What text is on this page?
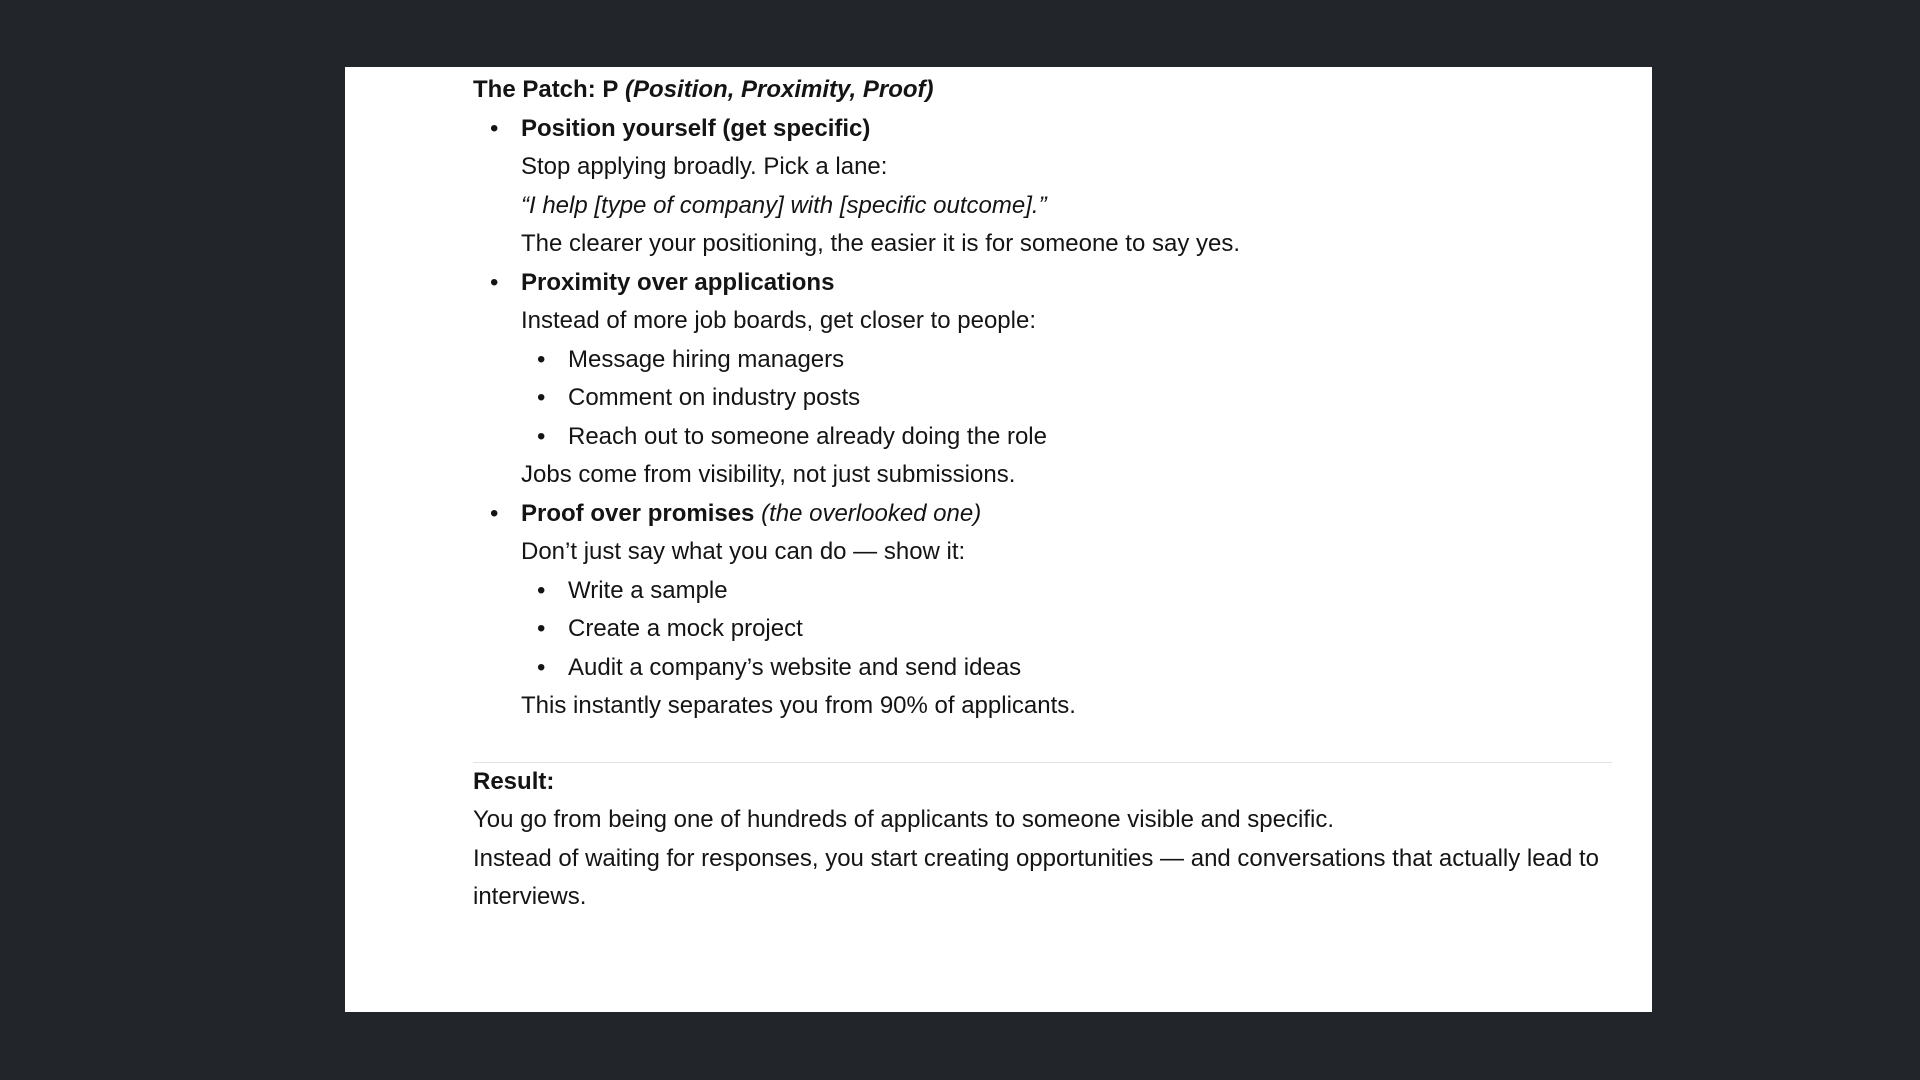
The Patch: P (Position, Proximity, Proof)

• Position yourself (get specific)

Stop applying broadly. Pick a lane:

“I help [type of company] with [specific outcome].”

The clearer your positioning, the easier it is for someone to say yes.

• Proximity over applications

Instead of more job boards, get closer to people:

• Message hiring managers
• Comment on industry posts
• Reach out to someone already doing the role

Jobs come from visibility, not just submissions.

• Proof over promises (the overlooked one)

Don’t just say what you can do — show it:

• Write a sample
• Create a mock project
• Audit a company’s website and send ideas

This instantly separates you from 90% of applicants.

Result:

You go from being one of hundreds of applicants to someone visible and specific.

Instead of waiting for responses, you start creating opportunities — and conversations that actually lead to interviews.
